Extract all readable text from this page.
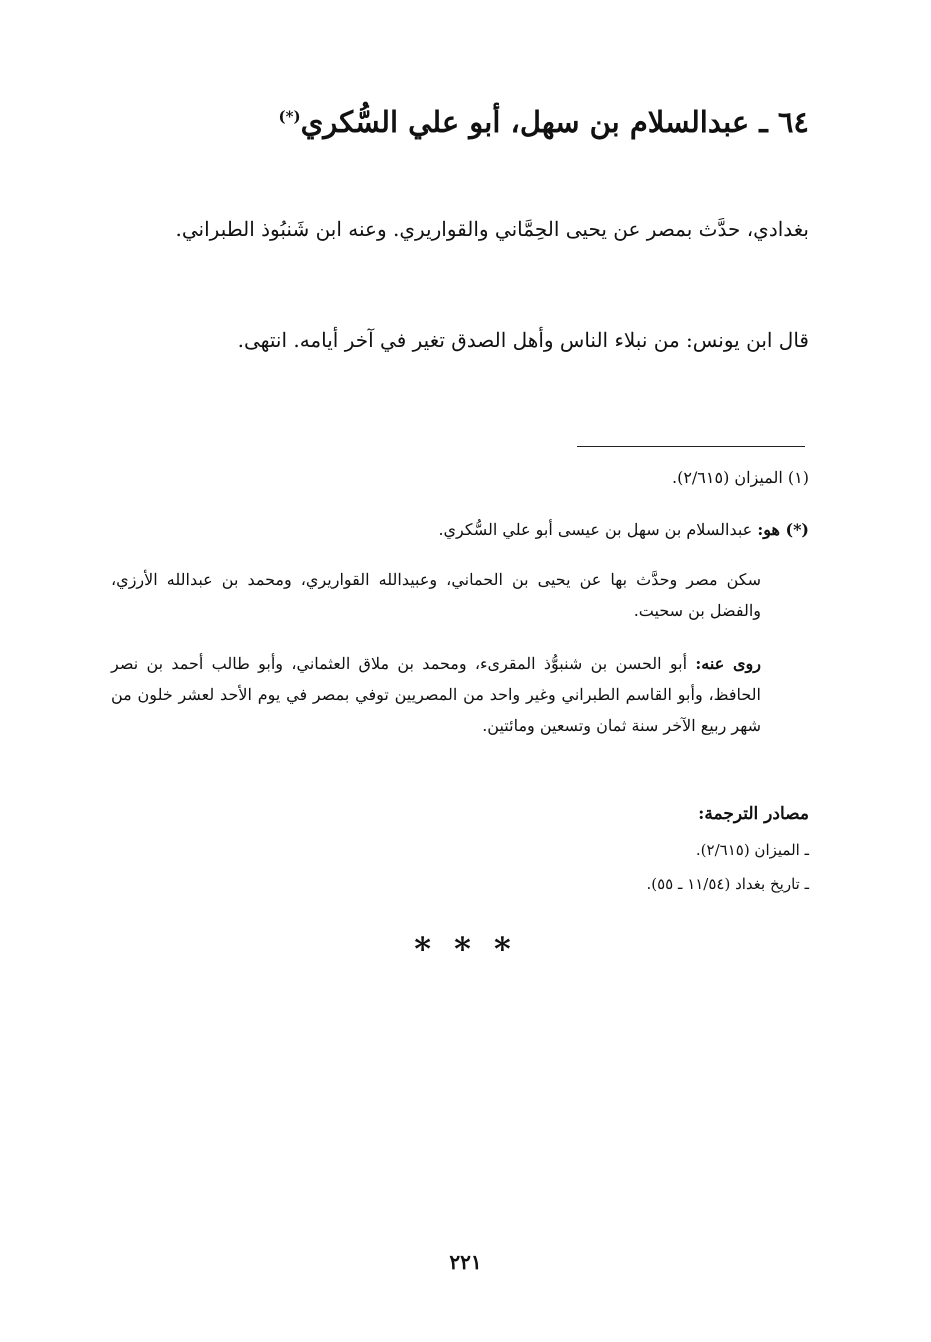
٦٤ ـ عبدالسلام بن سهل، أبو علي السُّكري(*)
بغدادي، حدَّث بمصر عن يحيى الحِمَّاني والقواريري. وعنه ابن شَنبُوذ الطبراني.
قال ابن يونس: من نبلاء الناس وأهل الصدق تغير في آخر أيامه. انتهى.
(١) الميزان (٢/٦١٥).
(*) هو: عبدالسلام بن سهل بن عيسى أبو علي السُّكري.
سكن مصر وحدَّث بها عن يحيى بن الحماني، وعبيدالله القواريري، ومحمد بن عبدالله الأرزي، والفضل بن سحيت.
روى عنه: أبو الحسن بن شنبوُّذ المقرىء، ومحمد بن ملاق العثماني، وأبو طالب أحمد بن نصر الحافظ، وأبو القاسم الطبراني وغير واحد من المصريين توفي بمصر في يوم الأحد لعشر خلون من شهر ربيع الآخر سنة ثمان وتسعين ومائتين.
مصادر الترجمة:
ـ الميزان (٢/٦١٥).
ـ تاريخ بغداد (١١/٥٤ ـ ٥٥).
* * *
٢٢١
